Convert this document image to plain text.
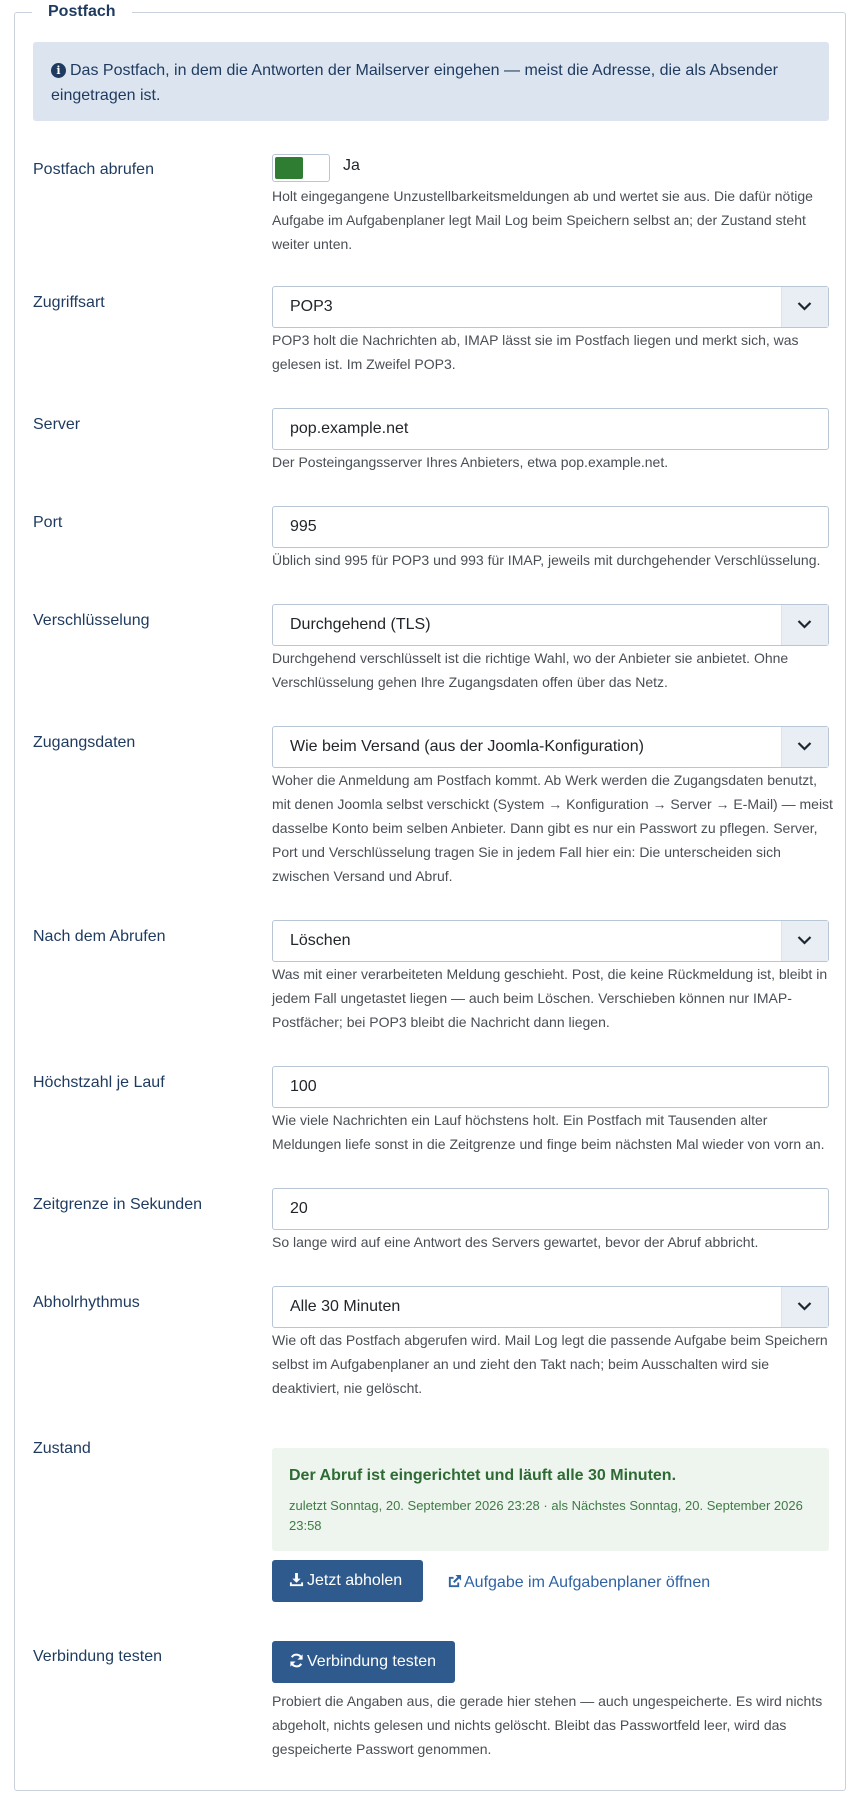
Postfach
i Das Postfach, in dem die Antworten der Mailserver eingehen — meist die Adresse, die als Absender eingetragen ist.
Postfach abrufen	Ja
Holt eingegangene Unzustellbarkeitsmeldungen ab und wertet sie aus. Die dafür nötige Aufgabe im Aufgabenplaner legt Mail Log beim Speichern selbst an; der Zustand steht weiter unten.
Zugriffsart	POP3
POP3 holt die Nachrichten ab, IMAP lässt sie im Postfach liegen und merkt sich, was gelesen ist. Im Zweifel POP3.
Server	pop.example.net
Der Posteingangsserver Ihres Anbieters, etwa pop.example.net.
Port	995
Üblich sind 995 für POP3 und 993 für IMAP, jeweils mit durchgehender Verschlüsselung.
Verschlüsselung	Durchgehend (TLS)
Durchgehend verschlüsselt ist die richtige Wahl, wo der Anbieter sie anbietet. Ohne Verschlüsselung gehen Ihre Zugangsdaten offen über das Netz.
Zugangsdaten	Wie beim Versand (aus der Joomla-Konfiguration)
Woher die Anmeldung am Postfach kommt. Ab Werk werden die Zugangsdaten benutzt, mit denen Joomla selbst verschickt (System → Konfiguration → Server → E-Mail) — meist dasselbe Konto beim selben Anbieter. Dann gibt es nur ein Passwort zu pflegen. Server, Port und Verschlüsselung tragen Sie in jedem Fall hier ein: Die unterscheiden sich zwischen Versand und Abruf.
Nach dem Abrufen	Löschen
Was mit einer verarbeiteten Meldung geschieht. Post, die keine Rückmeldung ist, bleibt in jedem Fall ungetastet liegen — auch beim Löschen. Verschieben können nur IMAP-Postfächer; bei POP3 bleibt die Nachricht dann liegen.
Höchstzahl je Lauf	100
Wie viele Nachrichten ein Lauf höchstens holt. Ein Postfach mit Tausenden alter Meldungen liefe sonst in die Zeitgrenze und finge beim nächsten Mal wieder von vorn an.
Zeitgrenze in Sekunden	20
So lange wird auf eine Antwort des Servers gewartet, bevor der Abruf abbricht.
Abholrhythmus	Alle 30 Minuten
Wie oft das Postfach abgerufen wird. Mail Log legt die passende Aufgabe beim Speichern selbst im Aufgabenplaner an und zieht den Takt nach; beim Ausschalten wird sie deaktiviert, nie gelöscht.
Zustand
Der Abruf ist eingerichtet und läuft alle 30 Minuten.
zuletzt Sonntag, 20. September 2026 23:28 · als Nächstes Sonntag, 20. September 2026 23:58
Jetzt abholen	Aufgabe im Aufgabenplaner öffnen
Verbindung testen	Verbindung testen
Probiert die Angaben aus, die gerade hier stehen — auch ungespeicherte. Es wird nichts abgeholt, nichts gelesen und nichts gelöscht. Bleibt das Passwortfeld leer, wird das gespeicherte Passwort genommen.
